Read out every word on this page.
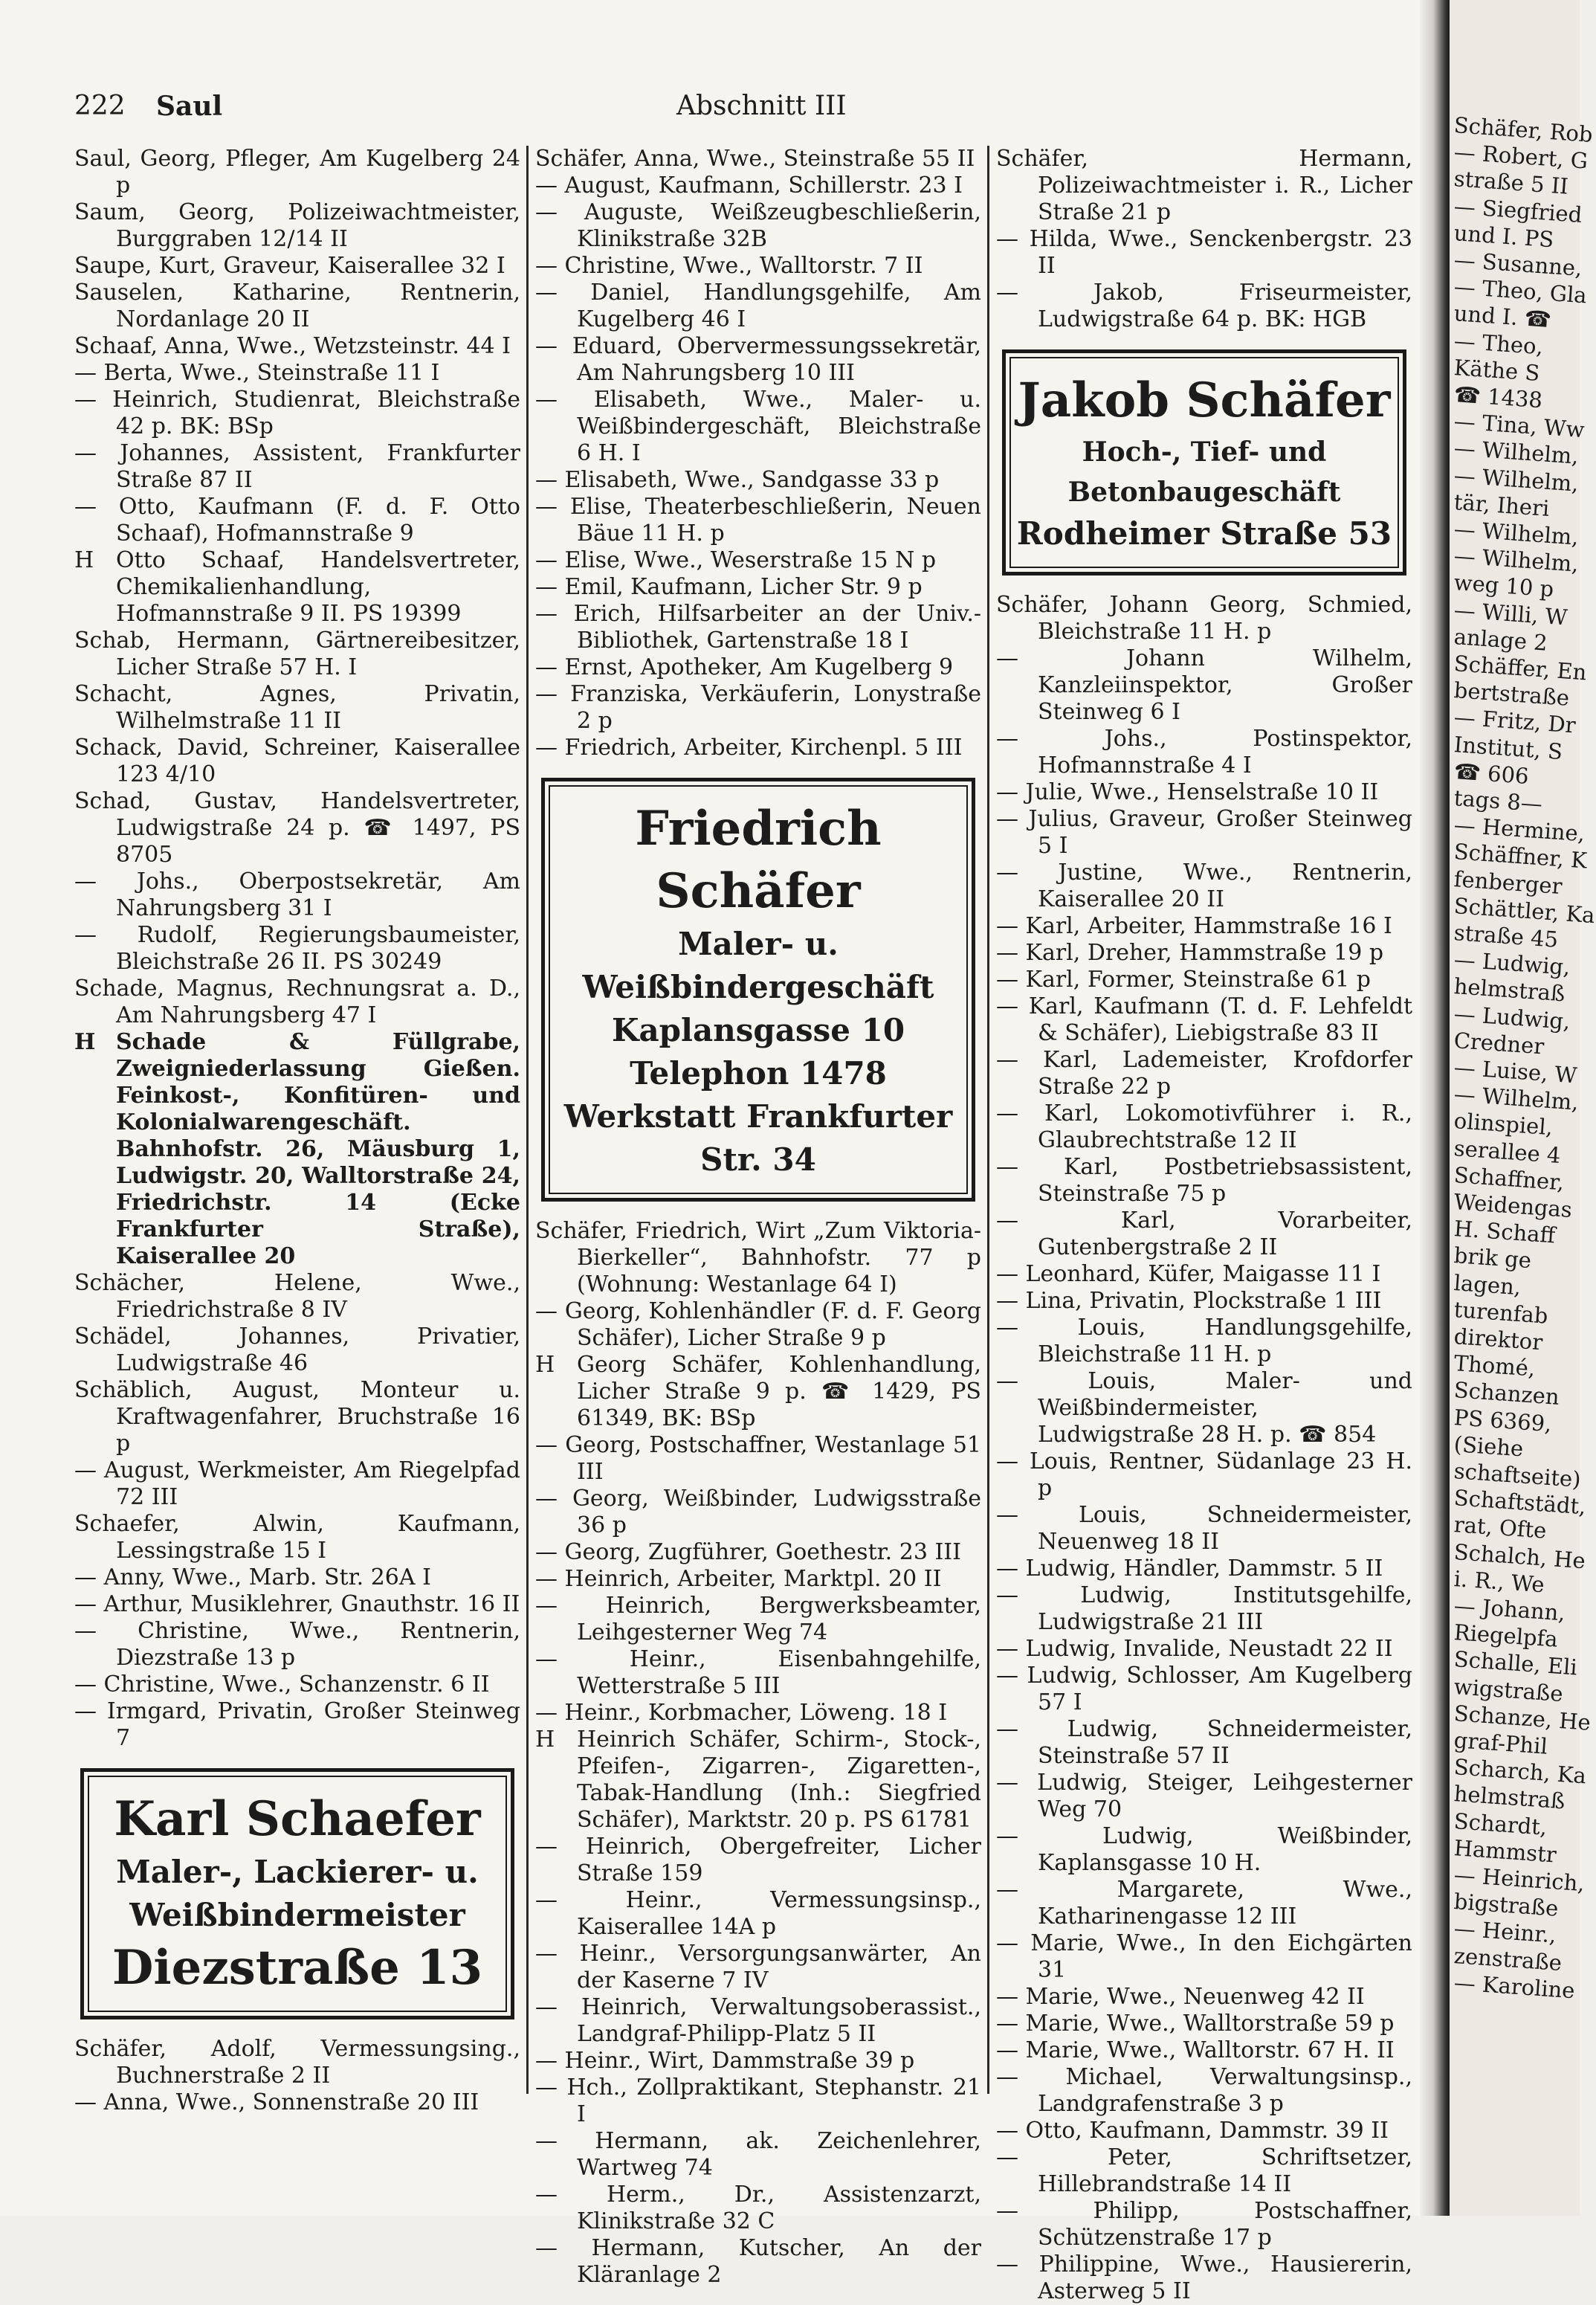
222 Saul	Abschnitt III
Saul, Georg, Pfleger, Am Kugelberg 24 p
Saum, Georg, Polizeiwachtmeister, Burggraben 12/14 II
Saupe, Kurt, Graveur, Kaiserallee 32 I
Sauselen, Katharine, Rentnerin, Nordanlage 20 II
Schaaf, Anna, Wwe., Wetzsteinstr. 44 I
— Berta, Wwe., Steinstraße 11 I
— Heinrich, Studienrat, Bleichstraße 42 p. BK: BSp
— Johannes, Assistent, Frankfurter Straße 87 II
— Otto, Kaufmann (F. d. F. Otto Schaaf), Hofmannstraße 9
H Otto Schaaf, Handelsvertreter, Chemikalienhandlung, Hofmannstraße 9 II. PS 19399
Schab, Hermann, Gärtnereibesitzer, Licher Straße 57 H. I
Schacht, Agnes, Privatin, Wilhelmstraße 11 II
Schack, David, Schreiner, Kaiserallee 123 4/10
Schad, Gustav, Handelsvertreter, Ludwigstraße 24 p. ☎ 1497, PS 8705
— Johs., Oberpostsekretär, Am Nahrungsberg 31 I
— Rudolf, Regierungsbaumeister, Bleichstraße 26 II. PS 30249
Schade, Magnus, Rechnungsrat a. D., Am Nahrungsberg 47 I
H Schade & Füllgrabe, Zweigniederlassung Gießen. Feinkost-, Konfitüren- und Kolonialwarengeschäft. Bahnhofstr. 26, Mäusburg 1, Ludwigstr. 20, Walltorstraße 24, Friedrichstr. 14 (Ecke Frankfurter Straße), Kaiserallee 20
Schächer, Helene, Wwe., Friedrichstraße 8 IV
Schädel, Johannes, Privatier, Ludwigstraße 46
Schäblich, August, Monteur u. Kraftwagenfahrer, Bruchstraße 16 p
— August, Werkmeister, Am Riegelpfad 72 III
Schaefer, Alwin, Kaufmann, Lessingstraße 15 I
— Anny, Wwe., Marb. Str. 26A I
— Arthur, Musiklehrer, Gnauthstr. 16 II
— Christine, Wwe., Rentnerin, Diezstraße 13 p
— Christine, Wwe., Schanzenstr. 6 II
— Irmgard, Privatin, Großer Steinweg 7
Karl Schaefer
Maler-, Lackierer- u.
Weißbindermeister
Diezstraße 13
Schäfer, Adolf, Vermessungsing., Buchnerstraße 2 II
— Anna, Wwe., Sonnenstraße 20 III
Schäfer, Anna, Wwe., Steinstraße 55 II
— August, Kaufmann, Schillerstr. 23 I
— Auguste, Weißzeugbeschließerin, Klinikstraße 32B
— Christine, Wwe., Walltorstr. 7 II
— Daniel, Handlungsgehilfe, Am Kugelberg 46 I
— Eduard, Obervermessungssekretär, Am Nahrungsberg 10 III
— Elisabeth, Wwe., Maler- u. Weißbindergeschäft, Bleichstraße 6 H. I
— Elisabeth, Wwe., Sandgasse 33 p
— Elise, Theaterbeschließerin, Neuen Bäue 11 H. p
— Elise, Wwe., Weserstraße 15 N p
— Emil, Kaufmann, Licher Str. 9 p
— Erich, Hilfsarbeiter an der Univ.-Bibliothek, Gartenstraße 18 I
— Ernst, Apotheker, Am Kugelberg 9
— Franziska, Verkäuferin, Lonystraße 2 p
— Friedrich, Arbeiter, Kirchenpl. 5 III
Friedrich Schäfer
Maler- u. Weißbindergeschäft
Kaplansgasse 10
Telephon 1478
Werkstatt Frankfurter Str. 34
Schäfer, Friedrich, Wirt „Zum Viktoria-Bierkeller“, Bahnhofstr. 77 p (Wohnung: Westanlage 64 I)
— Georg, Kohlenhändler (F. d. F. Georg Schäfer), Licher Straße 9 p
H Georg Schäfer, Kohlenhandlung, Licher Straße 9 p. ☎ 1429, PS 61349, BK: BSp
— Georg, Postschaffner, Westanlage 51 III
— Georg, Weißbinder, Ludwigsstraße 36 p
— Georg, Zugführer, Goethestr. 23 III
— Heinrich, Arbeiter, Marktpl. 20 II
— Heinrich, Bergwerksbeamter, Leihgesterner Weg 74
— Heinr., Eisenbahngehilfe, Wetterstraße 5 III
— Heinr., Korbmacher, Löweng. 18 I
H Heinrich Schäfer, Schirm-, Stock-, Pfeifen-, Zigarren-, Zigaretten-, Tabak-Handlung (Inh.: Siegfried Schäfer), Marktstr. 20 p. PS 61781
— Heinrich, Obergefreiter, Licher Straße 159
— Heinr., Vermessungsinsp., Kaiserallee 14A p
— Heinr., Versorgungsanwärter, An der Kaserne 7 IV
— Heinrich, Verwaltungsoberassist., Landgraf-Philipp-Platz 5 II
— Heinr., Wirt, Dammstraße 39 p
— Hch., Zollpraktikant, Stephanstr. 21 I
— Hermann, ak. Zeichenlehrer, Wartweg 74
— Herm., Dr., Assistenzarzt, Klinikstraße 32 C
— Hermann, Kutscher, An der Kläranlage 2
Schäfer, Hermann, Polizeiwachtmeister i. R., Licher Straße 21 p
— Hilda, Wwe., Senckenbergstr. 23 II
— Jakob, Friseurmeister, Ludwigstraße 64 p. BK: HGB
Jakob Schäfer
Hoch-, Tief- und Betonbaugeschäft
Rodheimer Straße 53
Schäfer, Johann Georg, Schmied, Bleichstraße 11 H. p
— Johann Wilhelm, Kanzleiinspektor, Großer Steinweg 6 I
— Johs., Postinspektor, Hofmannstraße 4 I
— Julie, Wwe., Henselstraße 10 II
— Julius, Graveur, Großer Steinweg 5 I
— Justine, Wwe., Rentnerin, Kaiserallee 20 II
— Karl, Arbeiter, Hammstraße 16 I
— Karl, Dreher, Hammstraße 19 p
— Karl, Former, Steinstraße 61 p
— Karl, Kaufmann (T. d. F. Lehfeldt & Schäfer), Liebigstraße 83 II
— Karl, Lademeister, Krofdorfer Straße 22 p
— Karl, Lokomotivführer i. R., Glaubrechtstraße 12 II
— Karl, Postbetriebsassistent, Steinstraße 75 p
— Karl, Vorarbeiter, Gutenbergstraße 2 II
— Leonhard, Küfer, Maigasse 11 I
— Lina, Privatin, Plockstraße 1 III
— Louis, Handlungsgehilfe, Bleichstraße 11 H. p
— Louis, Maler- und Weißbindermeister, Ludwigstraße 28 H. p. ☎ 854
— Louis, Rentner, Südanlage 23 H. p
— Louis, Schneidermeister, Neuenweg 18 II
— Ludwig, Händler, Dammstr. 5 II
— Ludwig, Institutsgehilfe, Ludwigstraße 21 III
— Ludwig, Invalide, Neustadt 22 II
— Ludwig, Schlosser, Am Kugelberg 57 I
— Ludwig, Schneidermeister, Steinstraße 57 II
— Ludwig, Steiger, Leihgesterner Weg 70
— Ludwig, Weißbinder, Kaplansgasse 10 H.
— Margarete, Wwe., Katharinengasse 12 III
— Marie, Wwe., In den Eichgärten 31
— Marie, Wwe., Neuenweg 42 II
— Marie, Wwe., Walltorstraße 59 p
— Marie, Wwe., Walltorstr. 67 H. II
— Michael, Verwaltungsinsp., Landgrafenstraße 3 p
— Otto, Kaufmann, Dammstr. 39 II
— Peter, Schriftsetzer, Hillebrandstraße 14 II
— Philipp, Postschaffner, Schützenstraße 17 p
— Philippine, Wwe., Hausiererin, Asterweg 5 II
Schäfer, Rob
— Robert, G
straße 5 II
— Siegfried
und I. PS
— Susanne,
— Theo, Gla
und I. ☎
— Theo,
Käthe S
☎ 1438
— Tina, Ww
— Wilhelm,
— Wilhelm,
tär, Iheri
— Wilhelm,
— Wilhelm,
weg 10 p
— Willi, W
anlage 2
Schäffer, En
bertstraße
— Fritz, Dr
Institut, S
☎ 606
tags 8—
— Hermine,
Schäffner, K
fenberger
Schättler, Ka
straße 45
— Ludwig,
helmstraß
— Ludwig,
Credner
— Luise, W
— Wilhelm,
olinspiel,
serallee 4
Schaffner,
Weidengas
H. Schaff
brik ge
lagen,
turenfab
direktor
Thomé,
Schanzen
PS 6369,
(Siehe
schaftseite)
Schaftstädt,
rat, Ofte
Schalch, He
i. R., We
— Johann,
Riegelpfa
Schalle, Eli
wigstraße
Schanze, He
graf-Phil
Scharch, Ka
helmstraß
Schardt,
Hammstr
— Heinrich,
bigstraße
— Heinr.,
zenstraße
— Karoline
